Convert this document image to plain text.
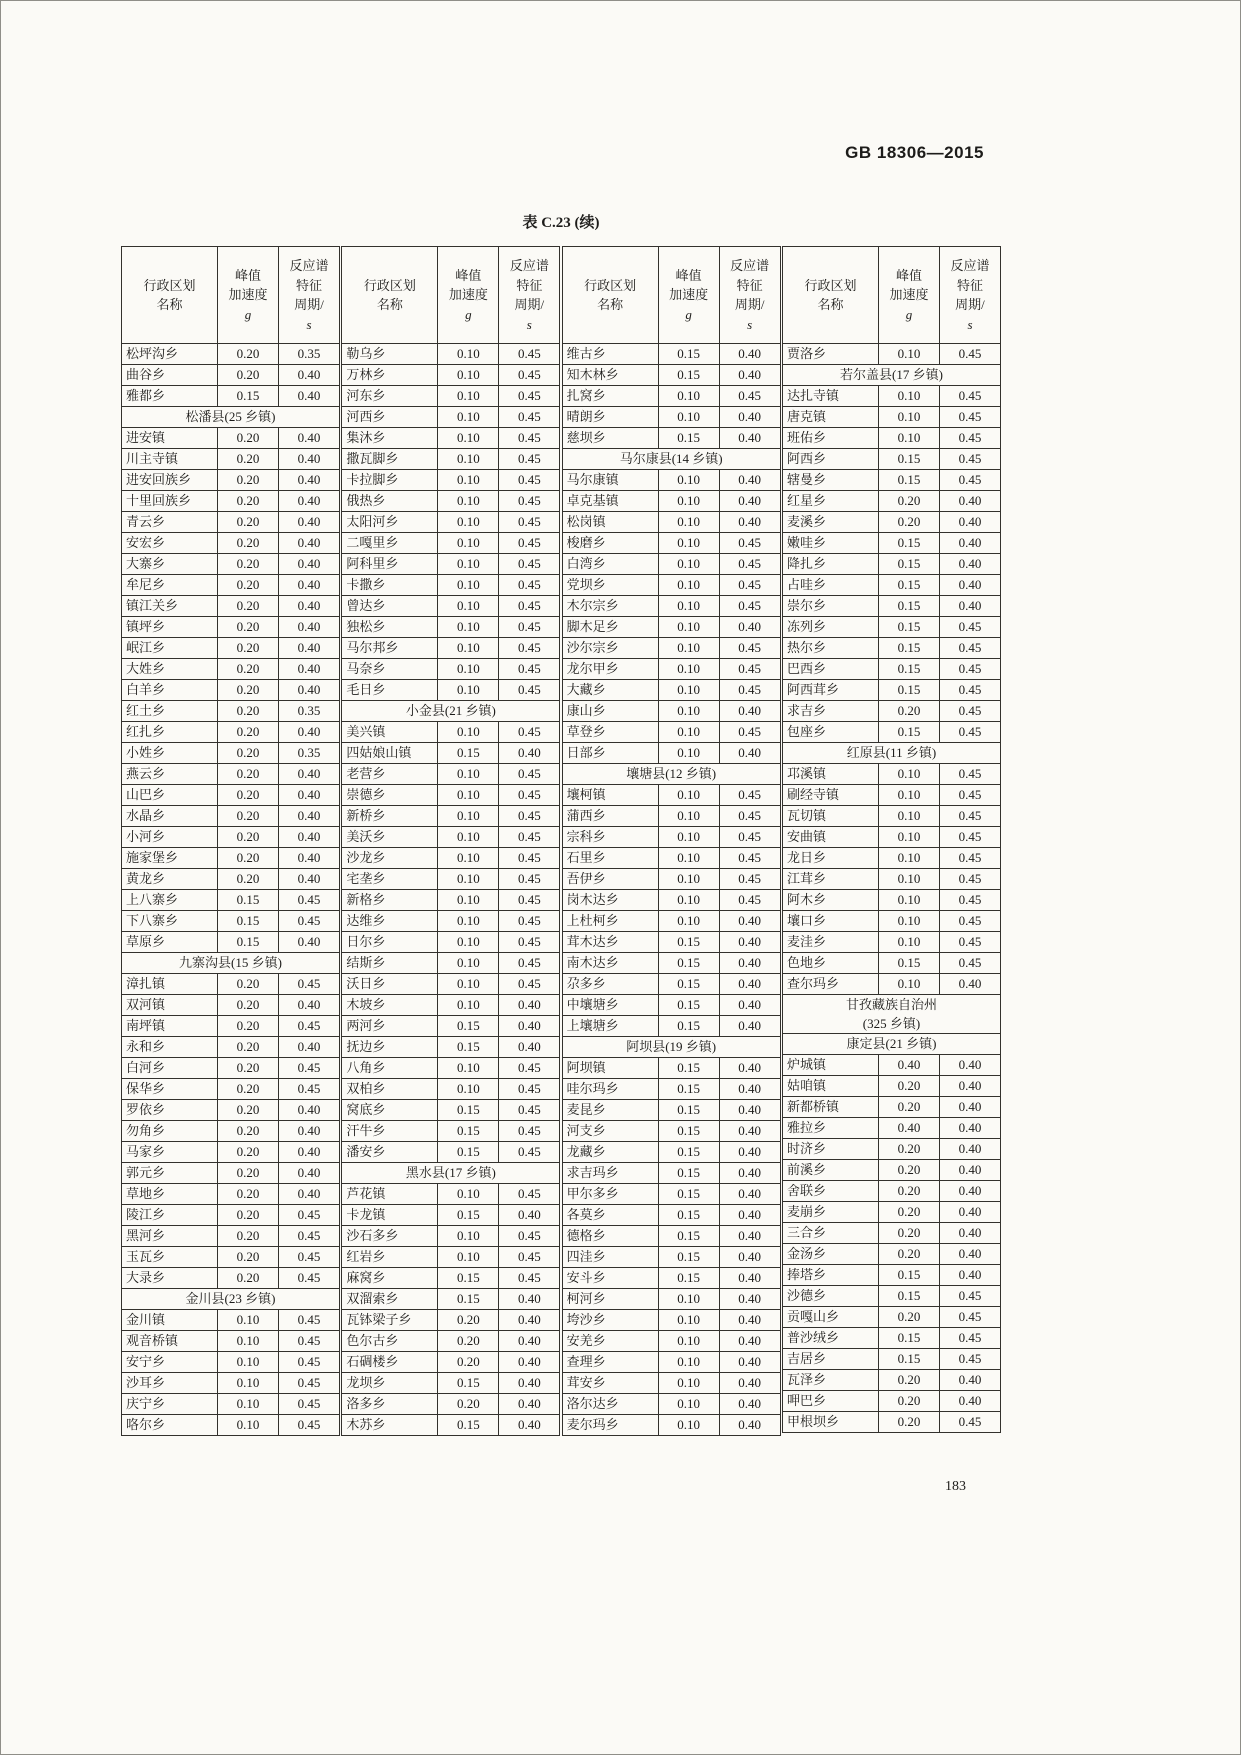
GB 18306—2015
表 C.23 (续)
行政区划
名称

峰值
加速度
g

反应谱
特征
周期/
s

松坪沟乡	0.20	0.35
曲谷乡	0.20	0.40
雅都乡	0.15	0.40
松潘县(25 乡镇)		
进安镇	0.20	0.40
川主寺镇	0.20	0.40
进安回族乡	0.20	0.40
十里回族乡	0.20	0.40
青云乡	0.20	0.40
安宏乡	0.20	0.40
大寨乡	0.20	0.40
牟尼乡	0.20	0.40
镇江关乡	0.20	0.40
镇坪乡	0.20	0.40
岷江乡	0.20	0.40
大姓乡	0.20	0.40
白羊乡	0.20	0.40
红土乡	0.20	0.35
红扎乡	0.20	0.40
小姓乡	0.20	0.35
燕云乡	0.20	0.40
山巴乡	0.20	0.40
水晶乡	0.20	0.40
小河乡	0.20	0.40
施家堡乡	0.20	0.40
黄龙乡	0.20	0.40
上八寨乡	0.15	0.45
下八寨乡	0.15	0.45
草原乡	0.15	0.40
九寨沟县(15 乡镇)		
漳扎镇	0.20	0.45
双河镇	0.20	0.40
南坪镇	0.20	0.45
永和乡	0.20	0.40
白河乡	0.20	0.45
保华乡	0.20	0.45
罗依乡	0.20	0.40
勿角乡	0.20	0.40
马家乡	0.20	0.40
郭元乡	0.20	0.40
草地乡	0.20	0.40
陵江乡	0.20	0.45
黑河乡	0.20	0.45
玉瓦乡	0.20	0.45
大录乡	0.20	0.45
金川县(23 乡镇)		
金川镇	0.10	0.45
观音桥镇	0.10	0.45
安宁乡	0.10	0.45
沙耳乡	0.10	0.45
庆宁乡	0.10	0.45
咯尔乡	0.10	0.45
行政区划
名称

峰值
加速度
g

反应谱
特征
周期/
s

勒乌乡	0.10	0.45
万林乡	0.10	0.45
河东乡	0.10	0.45
河西乡	0.10	0.45
集沐乡	0.10	0.45
撒瓦脚乡	0.10	0.45
卡拉脚乡	0.10	0.45
俄热乡	0.10	0.45
太阳河乡	0.10	0.45
二嘎里乡	0.10	0.45
阿科里乡	0.10	0.45
卡撒乡	0.10	0.45
曾达乡	0.10	0.45
独松乡	0.10	0.45
马尔邦乡	0.10	0.45
马奈乡	0.10	0.45
毛日乡	0.10	0.45
小金县(21 乡镇)		
美兴镇	0.10	0.45
四姑娘山镇	0.15	0.40
老营乡	0.10	0.45
崇德乡	0.10	0.45
新桥乡	0.10	0.45
美沃乡	0.10	0.45
沙龙乡	0.10	0.45
宅垄乡	0.10	0.45
新格乡	0.10	0.45
达维乡	0.10	0.45
日尔乡	0.10	0.45
结斯乡	0.10	0.45
沃日乡	0.10	0.45
木坡乡	0.10	0.40
两河乡	0.15	0.40
抚边乡	0.15	0.40
八角乡	0.10	0.45
双柏乡	0.10	0.45
窝底乡	0.15	0.45
汗牛乡	0.15	0.45
潘安乡	0.15	0.45
黑水县(17 乡镇)		
芦花镇	0.10	0.45
卡龙镇	0.15	0.40
沙石多乡	0.10	0.45
红岩乡	0.10	0.45
麻窝乡	0.15	0.45
双溜索乡	0.15	0.40
瓦钵梁子乡	0.20	0.40
色尔古乡	0.20	0.40
石碉楼乡	0.20	0.40
龙坝乡	0.15	0.40
洛多乡	0.20	0.40
木苏乡	0.15	0.40
行政区划
名称

峰值
加速度
g

反应谱
特征
周期/
s

维古乡	0.15	0.40
知木林乡	0.15	0.40
扎窝乡	0.10	0.45
晴朗乡	0.10	0.40
慈坝乡	0.15	0.40
马尔康县(14 乡镇)		
马尔康镇	0.10	0.40
卓克基镇	0.10	0.40
松岗镇	0.10	0.40
梭磨乡	0.10	0.45
白湾乡	0.10	0.45
党坝乡	0.10	0.45
木尔宗乡	0.10	0.45
脚木足乡	0.10	0.40
沙尔宗乡	0.10	0.45
龙尔甲乡	0.10	0.45
大藏乡	0.10	0.45
康山乡	0.10	0.40
草登乡	0.10	0.45
日部乡	0.10	0.40
壤塘县(12 乡镇)		
壤柯镇	0.10	0.45
蒲西乡	0.10	0.45
宗科乡	0.10	0.45
石里乡	0.10	0.45
吾伊乡	0.10	0.45
岗木达乡	0.10	0.45
上杜柯乡	0.10	0.40
茸木达乡	0.15	0.40
南木达乡	0.15	0.40
尕多乡	0.15	0.40
中壤塘乡	0.15	0.40
上壤塘乡	0.15	0.40
阿坝县(19 乡镇)		
阿坝镇	0.15	0.40
哇尔玛乡	0.15	0.40
麦昆乡	0.15	0.40
河支乡	0.15	0.40
龙藏乡	0.15	0.40
求吉玛乡	0.15	0.40
甲尔多乡	0.15	0.40
各莫乡	0.15	0.40
德格乡	0.15	0.40
四洼乡	0.15	0.40
安斗乡	0.15	0.40
柯河乡	0.10	0.40
垮沙乡	0.10	0.40
安羌乡	0.10	0.40
查理乡	0.10	0.40
茸安乡	0.10	0.40
洛尔达乡	0.10	0.40
麦尔玛乡	0.10	0.40
行政区划
名称

峰值
加速度
g

反应谱
特征
周期/
s

贾洛乡	0.10	0.45
若尔盖县(17 乡镇)		
达扎寺镇	0.10	0.45
唐克镇	0.10	0.45
班佑乡	0.10	0.45
阿西乡	0.15	0.45
辖曼乡	0.15	0.45
红星乡	0.20	0.40
麦溪乡	0.20	0.40
嫩哇乡	0.15	0.40
降扎乡	0.15	0.40
占哇乡	0.15	0.40
崇尔乡	0.15	0.40
冻列乡	0.15	0.45
热尔乡	0.15	0.45
巴西乡	0.15	0.45
阿西茸乡	0.15	0.45
求吉乡	0.20	0.45
包座乡	0.15	0.45
红原县(11 乡镇)		
邛溪镇	0.10	0.45
刷经寺镇	0.10	0.45
瓦切镇	0.10	0.45
安曲镇	0.10	0.45
龙日乡	0.10	0.45
江茸乡	0.10	0.45
阿木乡	0.10	0.45
壤口乡	0.10	0.45
麦洼乡	0.10	0.45
色地乡	0.15	0.45
查尔玛乡	0.10	0.40

甘孜藏族自治州
(325 乡镇)		

康定县(21 乡镇)		
炉城镇	0.40	0.40
姑咱镇	0.20	0.40
新都桥镇	0.20	0.40
雅拉乡	0.40	0.40
时济乡	0.20	0.40
前溪乡	0.20	0.40
舍联乡	0.20	0.40
麦崩乡	0.20	0.40
三合乡	0.20	0.40
金汤乡	0.20	0.40
捧塔乡	0.15	0.40
沙德乡	0.15	0.45
贡嘎山乡	0.20	0.45
普沙绒乡	0.15	0.45
吉居乡	0.15	0.45
瓦泽乡	0.20	0.40
呷巴乡	0.20	0.40
甲根坝乡	0.20	0.45
183
